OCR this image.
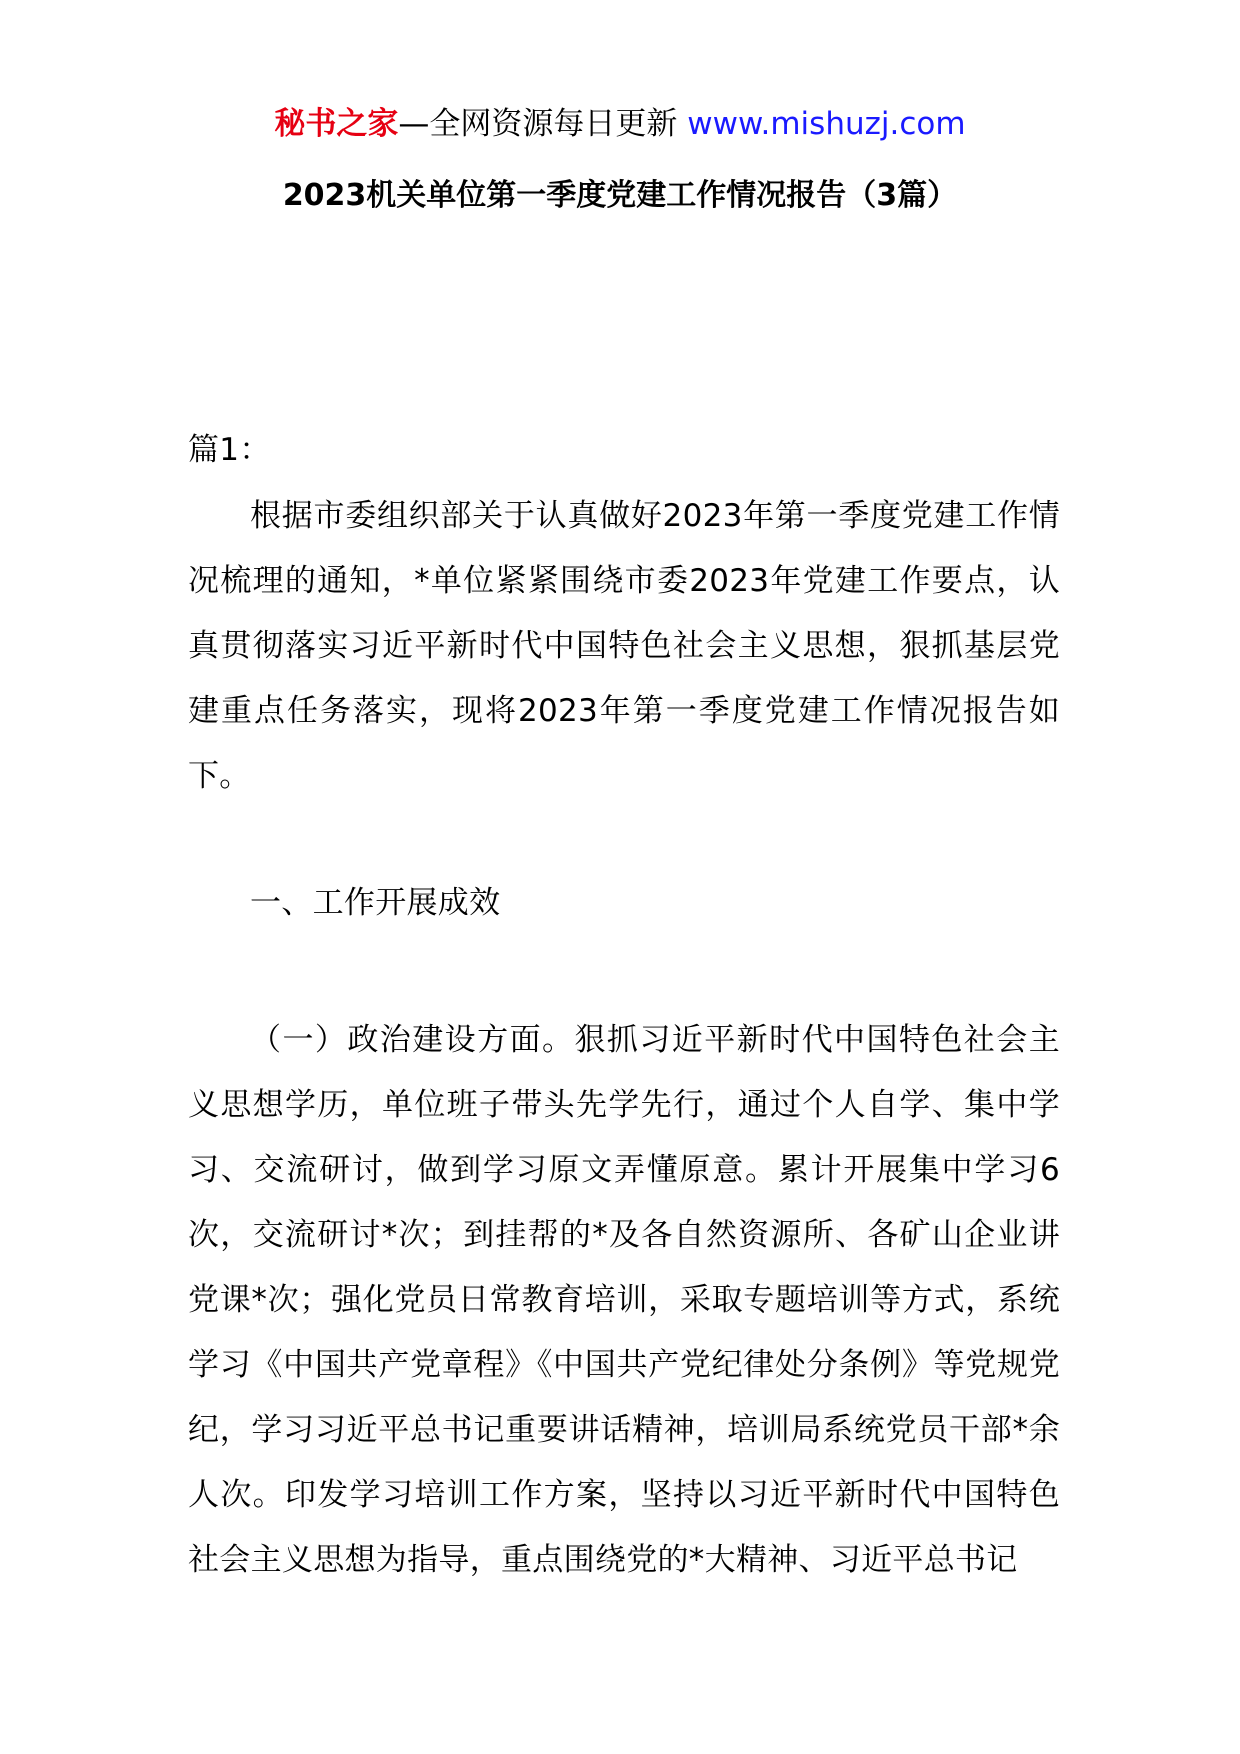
秘书之家—全网资源每日更新 www.mishuzj.com
2023机关单位第一季度党建工作情况报告（3篇）
篇1：

根据市委组织部关于认真做好2023年第一季度党建工作情况梳理的通知，*单位紧紧围绕市委2023年党建工作要点，认真贯彻落实习近平新时代中国特色社会主义思想，狠抓基层党建重点任务落实，现将2023年第一季度党建工作情况报告如下。

一、工作开展成效

（一）政治建设方面。狠抓习近平新时代中国特色社会主义思想学历，单位班子带头先学先行，通过个人自学、集中学习、交流研讨，做到学习原文弄懂原意。累计开展集中学习6次，交流研讨*次；到挂帮的*及各自然资源所、各矿山企业讲党课*次；强化党员日常教育培训，采取专题培训等方式，系统学习《中国共产党章程》《中国共产党纪律处分条例》等党规党纪，学习习近平总书记重要讲话精神，培训局系统党员干部*余人次。印发学习培训工作方案，坚持以习近平新时代中国特色社会主义思想为指导，重点围绕党的*大精神、习近平总书记
